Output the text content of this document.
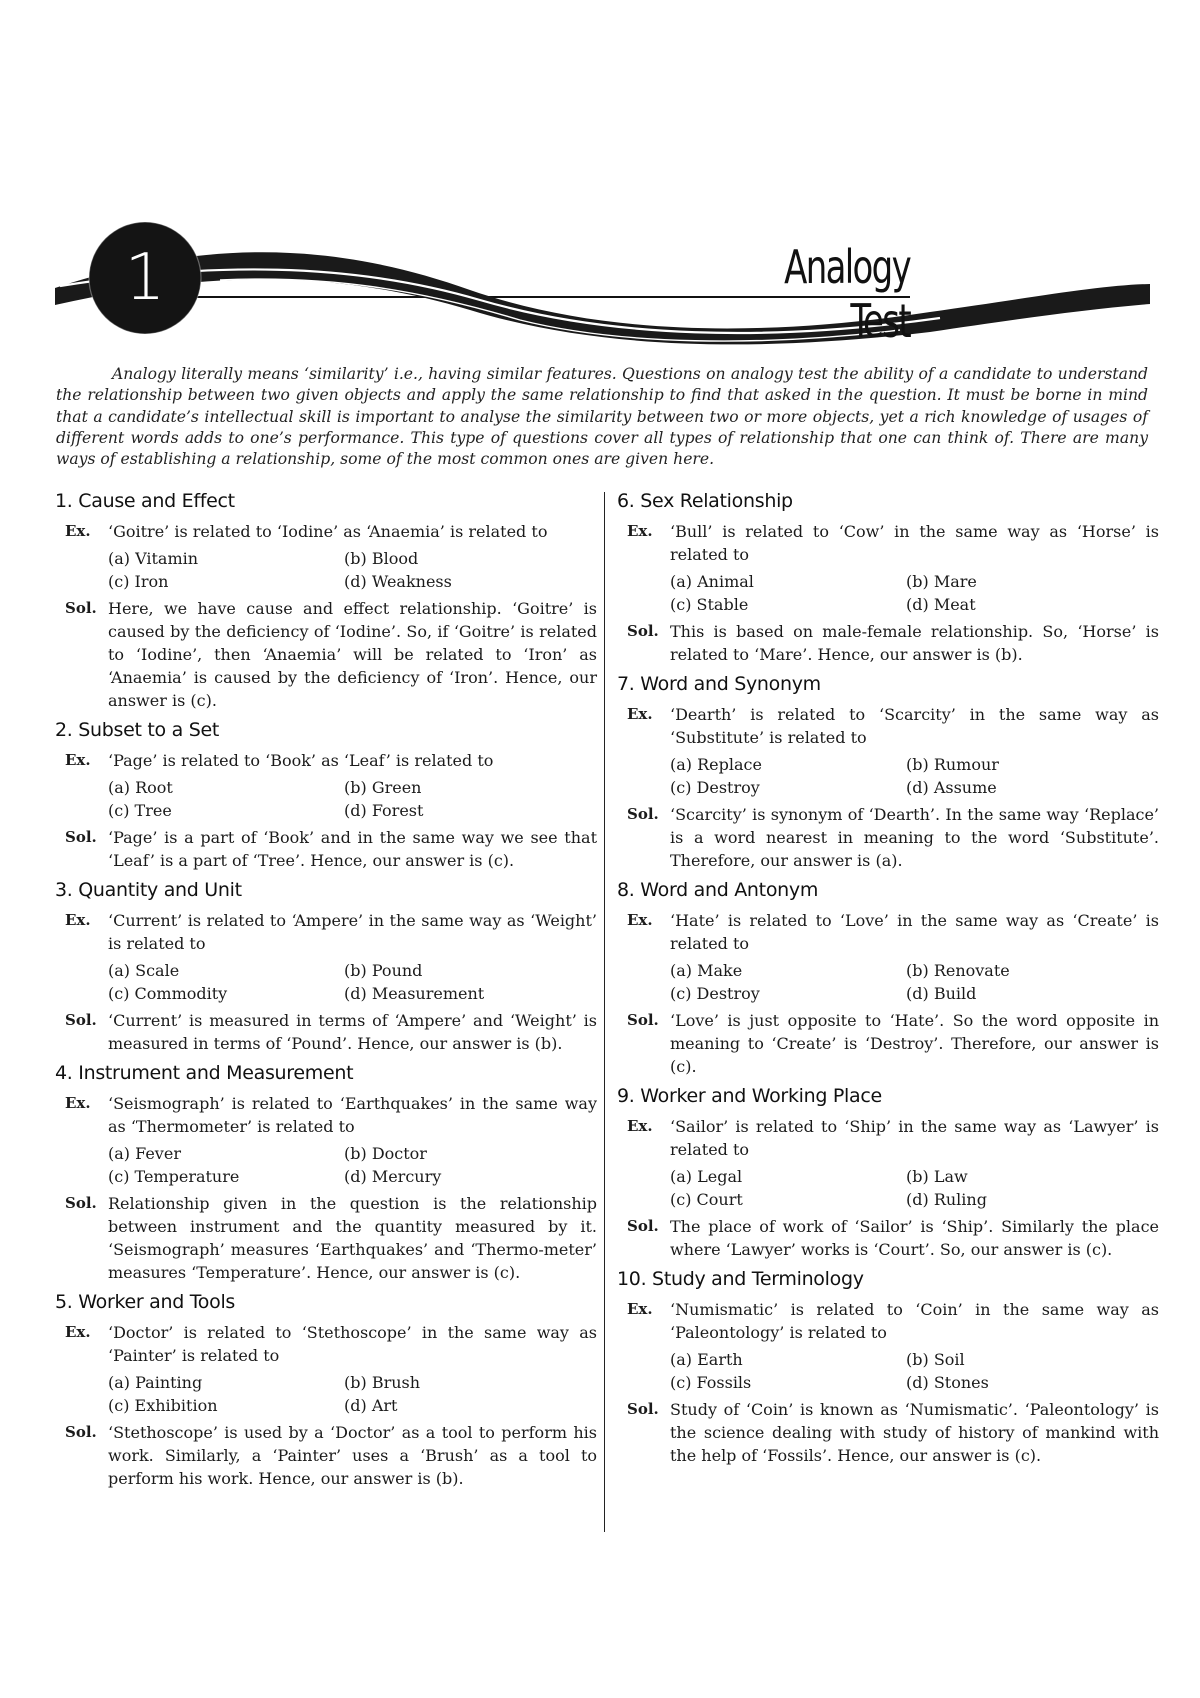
1	Analogy Test

Analogy literally means ‘similarity’ i.e., having similar features. Questions on analogy test the ability of a candidate to understand the relationship between two given objects and apply the same relationship to find that asked in the question. It must be borne in mind that a candidate’s intellectual skill is important to analyse the similarity between two or more objects, yet a rich knowledge of usages of different words adds to one’s performance. This type of questions cover all types of relationship that one can think of. There are many ways of establishing a relationship, some of the most common ones are given here.

1. Cause and Effect
Ex.	‘Goitre’ is related to ‘Iodine’ as ‘Anaemia’ is related to
(a) Vitamin	(b) Blood
(c) Iron	(d) Weakness
Sol. Here, we have cause and effect relationship. ‘Goitre’ is caused by the deficiency of ‘Iodine’. So, if ‘Goitre’ is related to ‘Iodine’, then ‘Anaemia’ will be related to ‘Iron’ as ‘Anaemia’ is caused by the deficiency of ‘Iron’. Hence, our answer is (c).
2. Subset to a Set
Ex.	‘Page’ is related to ‘Book’ as ‘Leaf’ is related to
(a) Root	(b) Green
(c) Tree	(d) Forest
Sol. ‘Page’ is a part of ‘Book’ and in the same way we see that ‘Leaf’ is a part of ‘Tree’. Hence, our answer is (c).
3. Quantity and Unit
Ex.	‘Current’ is related to ‘Ampere’ in the same way as ‘Weight’ is related to
(a) Scale	(b) Pound
(c) Commodity	(d) Measurement
Sol. ‘Current’ is measured in terms of ‘Ampere’ and ‘Weight’ is measured in terms of ‘Pound’. Hence, our answer is (b).
4. Instrument and Measurement
Ex.	‘Seismograph’ is related to ‘Earthquakes’ in the same way as ‘Thermometer’ is related to
(a) Fever	(b) Doctor
(c) Temperature	(d) Mercury
Sol. Relationship given in the question is the relationship between instrument and the quantity measured by it. ‘Seismograph’ measures ‘Earthquakes’ and ‘Thermo-meter’ measures ‘Temperature’. Hence, our answer is (c).
5. Worker and Tools
Ex.	‘Doctor’ is related to ‘Stethoscope’ in the same way as ‘Painter’ is related to
(a) Painting	(b) Brush
(c) Exhibition	(d) Art
Sol. ‘Stethoscope’ is used by a ‘Doctor’ as a tool to perform his work. Similarly, a ‘Painter’ uses a ‘Brush’ as a tool to perform his work. Hence, our answer is (b).
6. Sex Relationship
Ex.	‘Bull’ is related to ‘Cow’ in the same way as ‘Horse’ is related to
(a) Animal	(b) Mare
(c) Stable	(d) Meat
Sol. This is based on male-female relationship. So, ‘Horse’ is related to ‘Mare’. Hence, our answer is (b).
7. Word and Synonym
Ex.	‘Dearth’ is related to ‘Scarcity’ in the same way as ‘Substitute’ is related to
(a) Replace	(b) Rumour
(c) Destroy	(d) Assume
Sol. ‘Scarcity’ is synonym of ‘Dearth’. In the same way ‘Replace’ is a word nearest in meaning to the word ‘Substitute’. Therefore, our answer is (a).
8. Word and Antonym
Ex.	‘Hate’ is related to ‘Love’ in the same way as ‘Create’ is related to
(a) Make	(b) Renovate
(c) Destroy	(d) Build
Sol. ‘Love’ is just opposite to ‘Hate’. So the word opposite in meaning to ‘Create’ is ‘Destroy’. Therefore, our answer is (c).
9. Worker and Working Place
Ex.	‘Sailor’ is related to ‘Ship’ in the same way as ‘Lawyer’ is related to
(a) Legal	(b) Law
(c) Court	(d) Ruling
Sol. The place of work of ‘Sailor’ is ‘Ship’. Similarly the place where ‘Lawyer’ works is ‘Court’. So, our answer is (c).
10. Study and Terminology
Ex.	‘Numismatic’ is related to ‘Coin’ in the same way as ‘Paleontology’ is related to
(a) Earth	(b) Soil
(c) Fossils	(d) Stones
Sol. Study of ‘Coin’ is known as ‘Numismatic’. ‘Paleontology’ is the science dealing with study of history of mankind with the help of ‘Fossils’. Hence, our answer is (c).
